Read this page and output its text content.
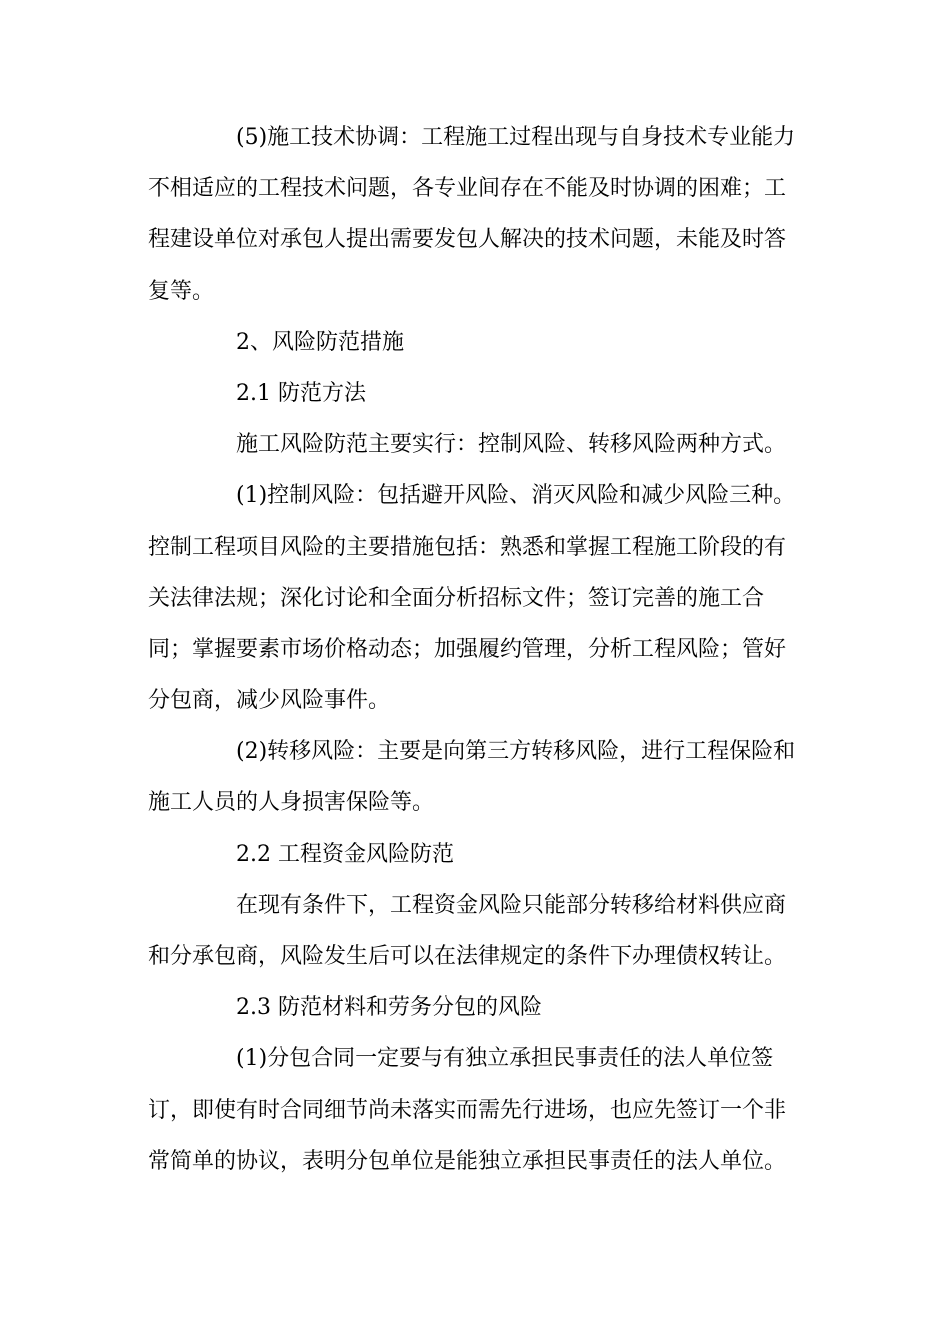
(5)施工技术协调：工程施工过程出现与自身技术专业能力
不相适应的工程技术问题，各专业间存在不能及时协调的困难；工
程建设单位对承包人提出需要发包人解决的技术问题，未能及时答
复等。

2、风险防范措施

2.1 防范方法

施工风险防范主要实行：控制风险、转移风险两种方式。

(1)控制风险：包括避开风险、消灭风险和减少风险三种。
控制工程项目风险的主要措施包括：熟悉和掌握工程施工阶段的有
关法律法规；深化讨论和全面分析招标文件；签订完善的施工合
同；掌握要素市场价格动态；加强履约管理，分析工程风险；管好
分包商，减少风险事件。

(2)转移风险：主要是向第三方转移风险，进行工程保险和
施工人员的人身损害保险等。

2.2 工程资金风险防范

在现有条件下，工程资金风险只能部分转移给材料供应商
和分承包商，风险发生后可以在法律规定的条件下办理债权转让。

2.3 防范材料和劳务分包的风险

(1)分包合同一定要与有独立承担民事责任的法人单位签
订，即使有时合同细节尚未落实而需先行进场，也应先签订一个非
常简单的协议，表明分包单位是能独立承担民事责任的法人单位。
